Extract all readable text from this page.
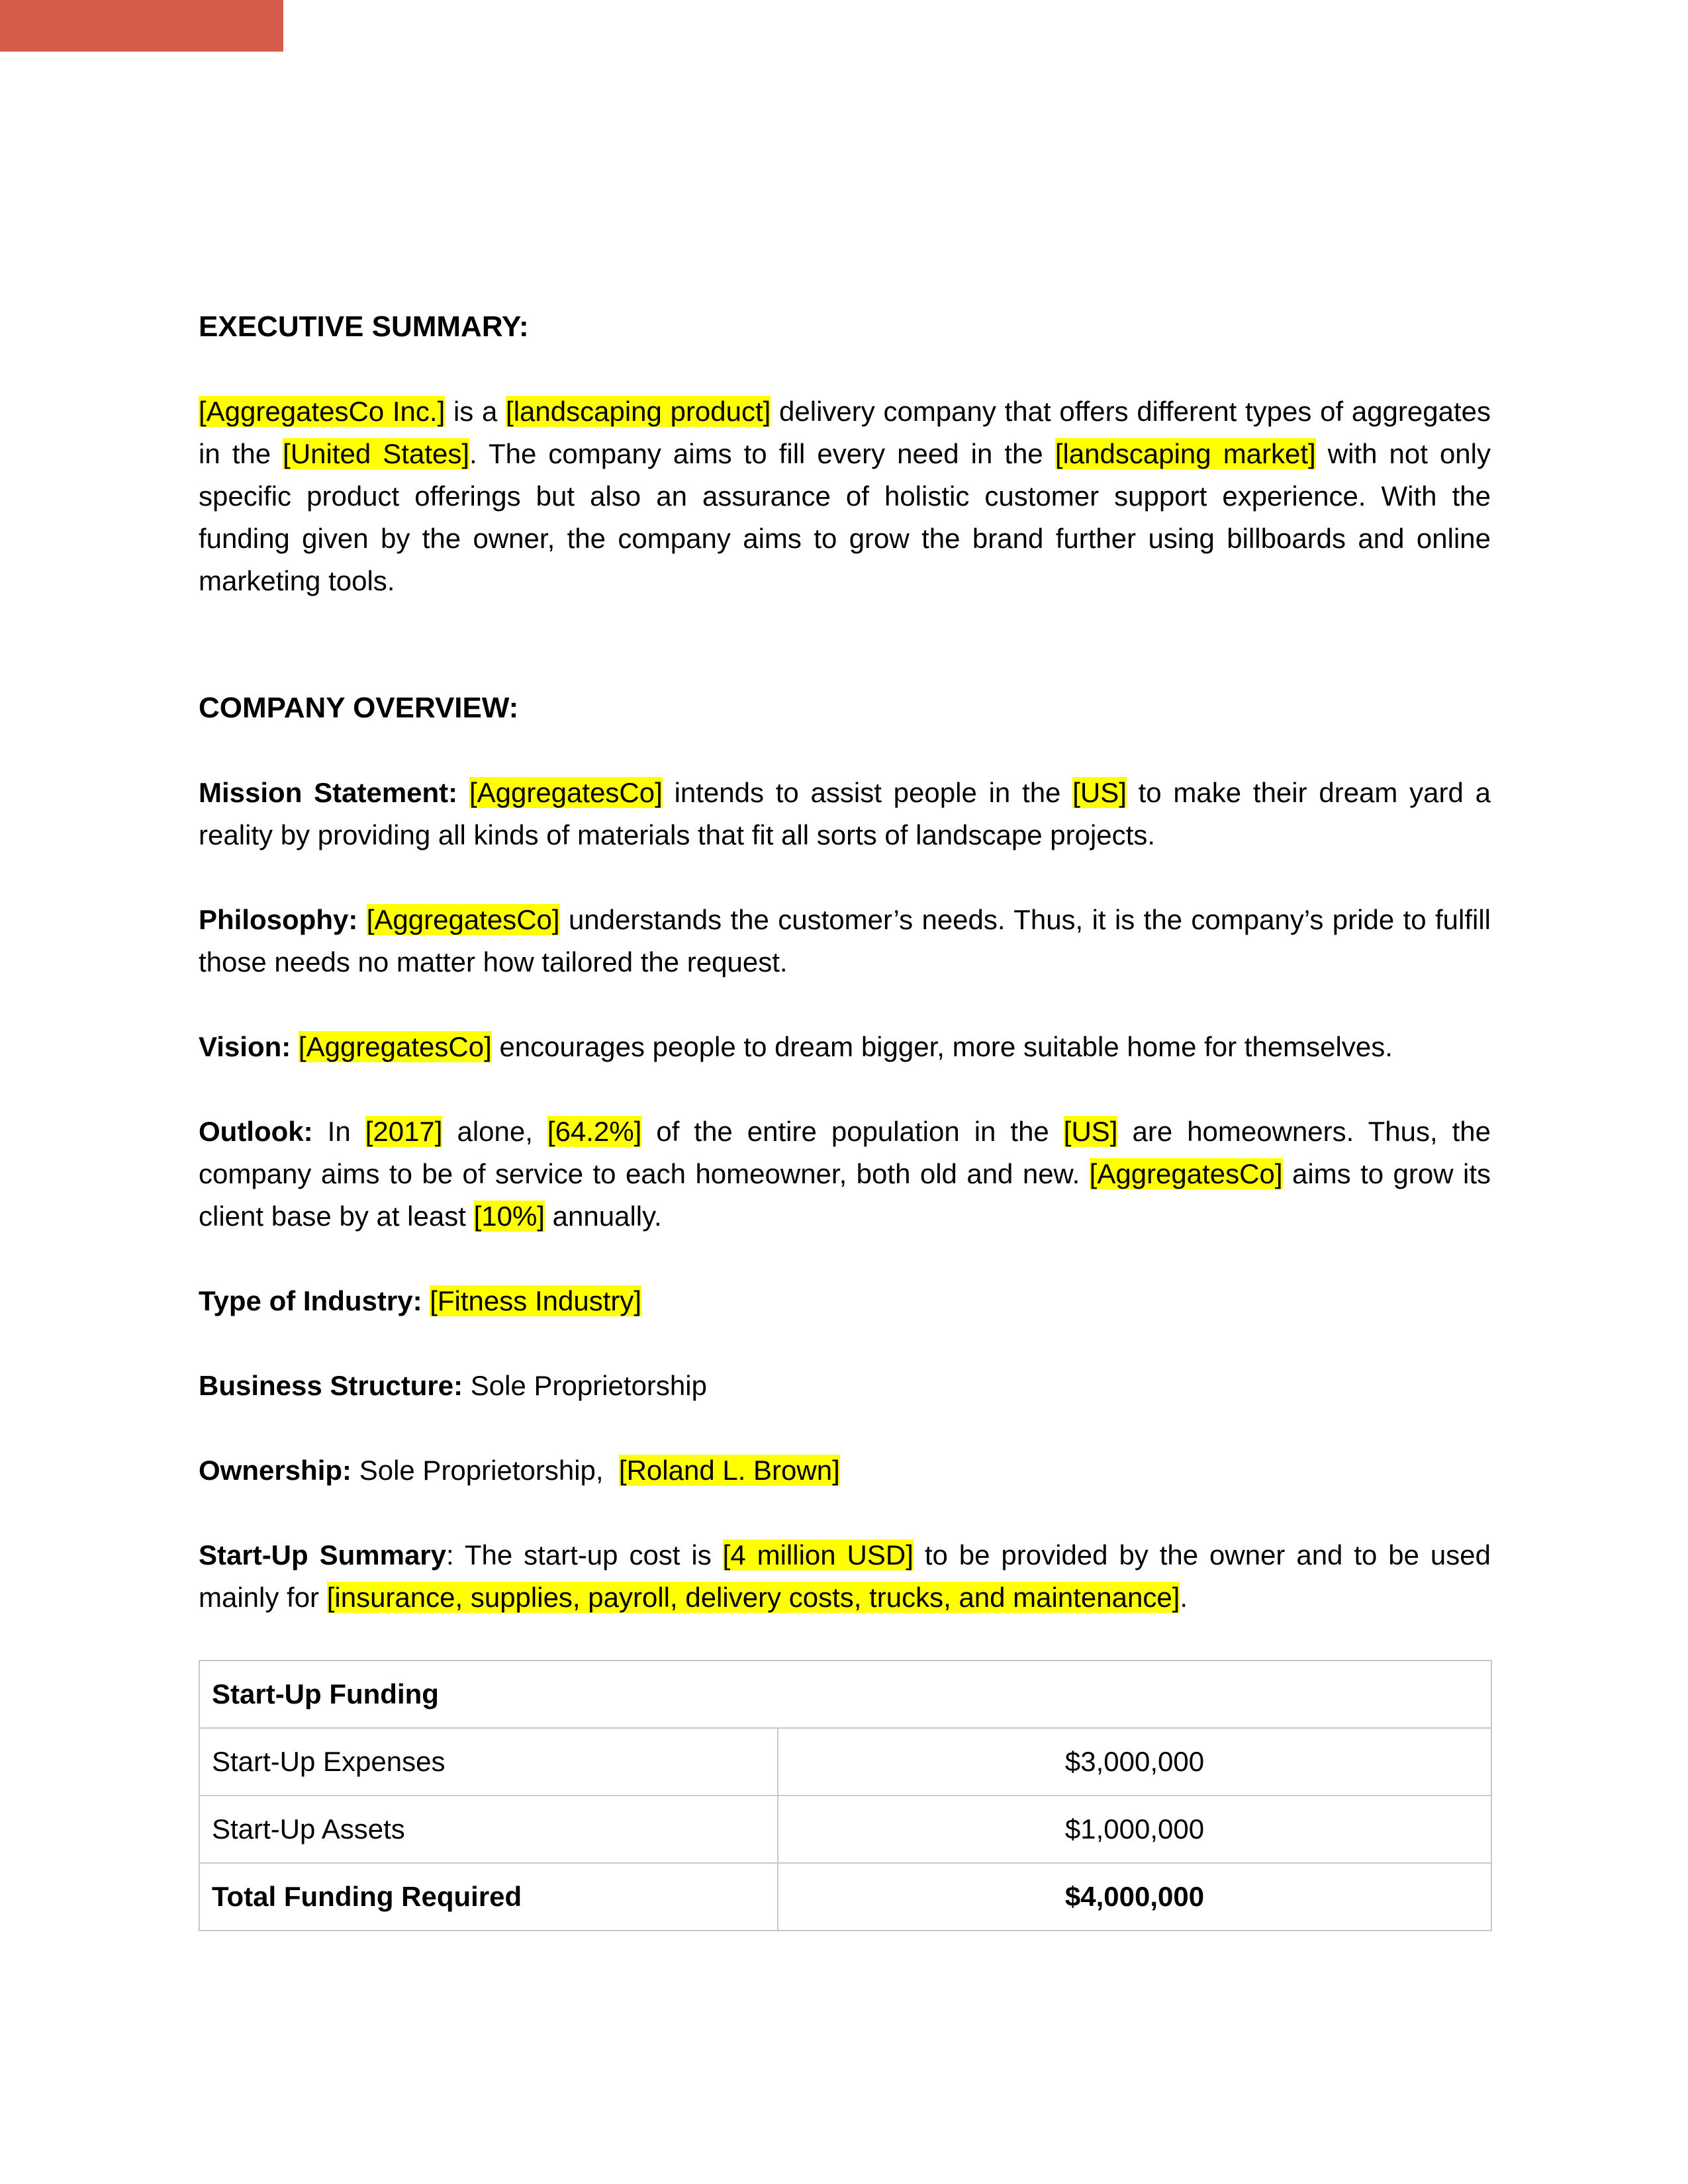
EXECUTIVE SUMMARY:

[AggregatesCo Inc.] is a [landscaping product] delivery company that offers different types of aggregates in the [United States]. The company aims to fill every need in the [landscaping market] with not only specific product offerings but also an assurance of holistic customer support experience. With the funding given by the owner, the company aims to grow the brand further using billboards and online marketing tools.

COMPANY OVERVIEW:

Mission Statement: [AggregatesCo] intends to assist people in the [US] to make their dream yard a reality by providing all kinds of materials that fit all sorts of landscape projects.

Philosophy: [AggregatesCo] understands the customer’s needs. Thus, it is the company’s pride to fulfill those needs no matter how tailored the request.

Vision: [AggregatesCo] encourages people to dream bigger, more suitable home for themselves.

Outlook: In [2017] alone, [64.2%] of the entire population in the [US] are homeowners. Thus, the company aims to be of service to each homeowner, both old and new. [AggregatesCo] aims to grow its client base by at least [10%] annually.

Type of Industry: [Fitness Industry]

Business Structure: Sole Proprietorship

Ownership: Sole Proprietorship,  [Roland L. Brown]

Start-Up Summary: The start-up cost is [4 million USD] to be provided by the owner and to be used mainly for [insurance, supplies, payroll, delivery costs, trucks, and maintenance].

Start-Up Funding	
Start-Up Expenses	$3,000,000
Start-Up Assets	$1,000,000
Total Funding Required	$4,000,000
